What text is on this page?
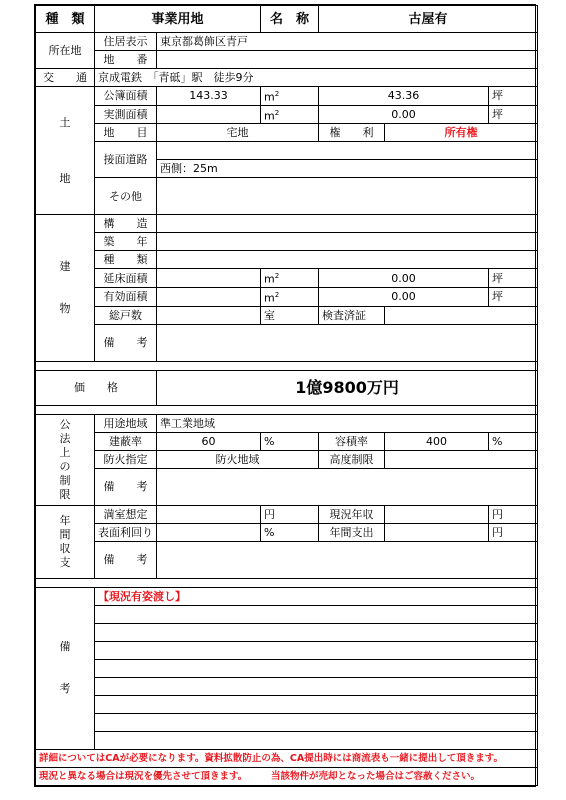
種　類	事業用地		名　称	古屋有		
所在地	住居表示	東京都葛飾区青戸				
	地　　番					
交　　通	京成電鉄　「青砥」駅　徒歩9分					
土

地	公簿面積	143.33	$m^2$	43.36		坪
	実測面積		$m^2$	0.00		坪
	地　　目	宅地		権　　利	所有権	
	接面道路					
		西側：25m				
	その他					

建

物	構　　造					
	築　　年					
	種　　類					
	延床面積		$m^2$	0.00		坪
	有効面積		$m^2$	0.00		坪
	総戸数		室	検査済証		
	備　　考					

価　　格		1億9800万円				

公法上の制限	用途地域	準工業地域				
	建蔽率	60	%	容積率	400	%
	防火指定	防火地域		高度制限		
	備　　考					

年間収支	満室想定		円	現況年収		円
	表面利回り		%	年間支出		円
	備　　考					

備

考	【現況有姿渡し】					

詳細についてはCAが必要になります。資料拡散防止の為、CA提出時には商流表も一緒に提出して頂きます。						
現況と異なる場合は現況を優先させて頂きます。　　　当該物件が売却となった場合はご容赦ください。						
